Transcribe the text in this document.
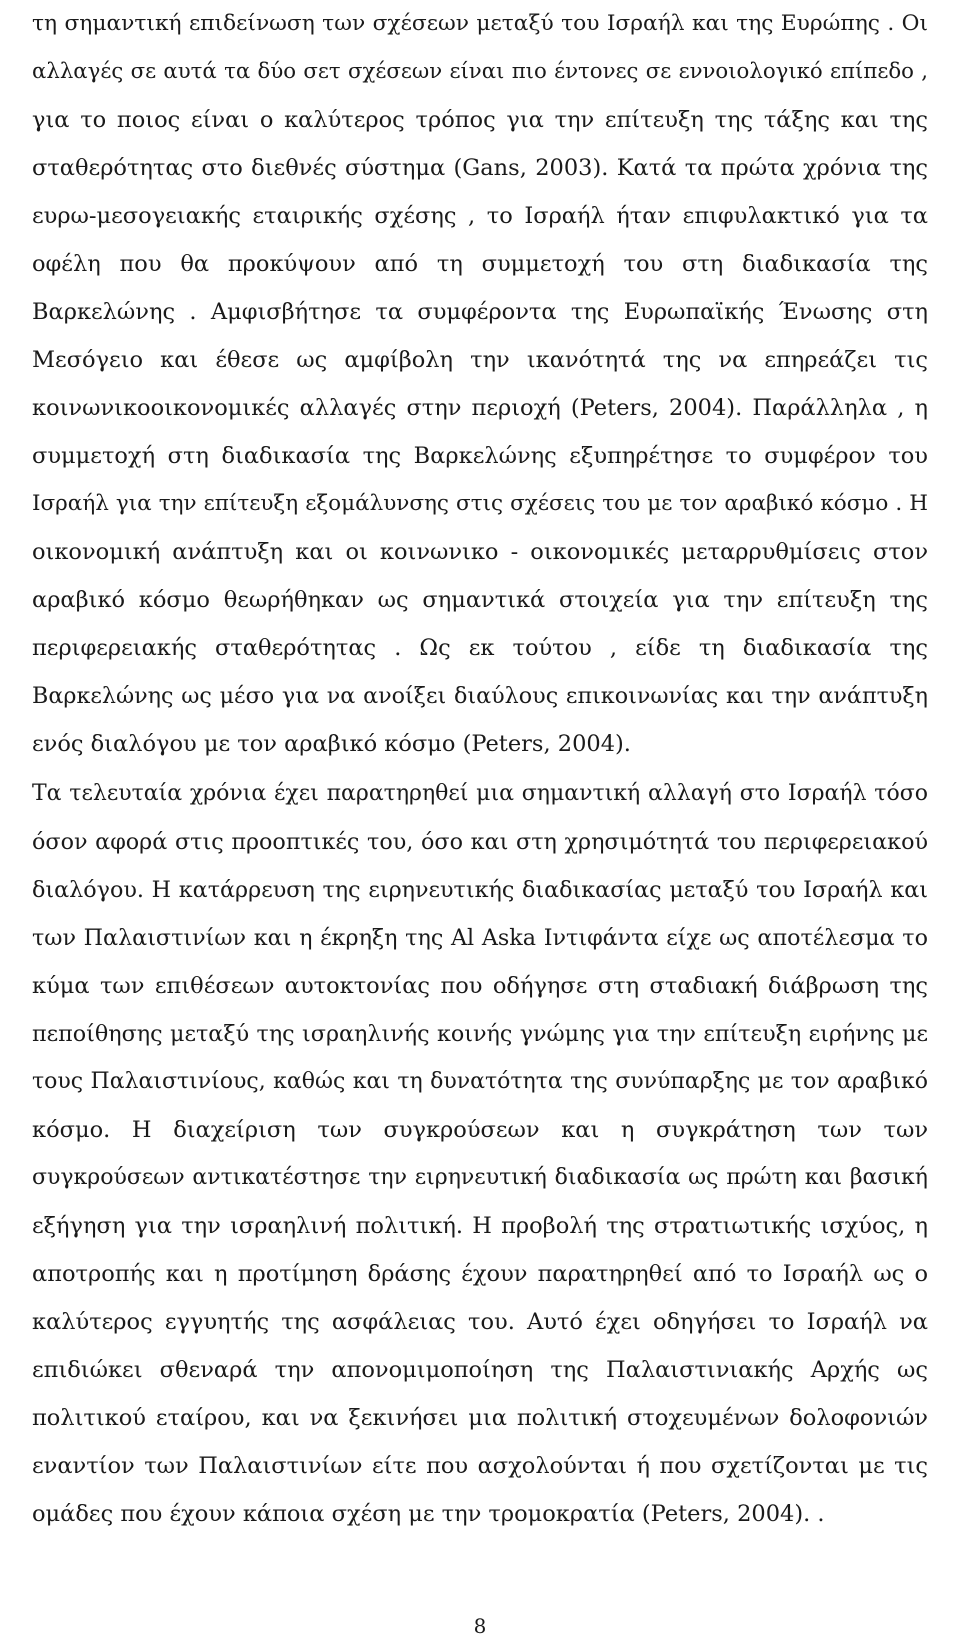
τη σημαντική επιδείνωση των σχέσεων μεταξύ του Ισραήλ και της Ευρώπης . Οι
αλλαγές σε αυτά τα δύο σετ σχέσεων είναι πιο έντονες σε εννοιολογικό επίπεδο ,
για το ποιος είναι ο καλύτερος τρόπος για την επίτευξη της τάξης και της
σταθερότητας στο διεθνές σύστημα (Gans, 2003). Κατά τα πρώτα χρόνια της
ευρω-μεσογειακής εταιρικής σχέσης , το Ισραήλ ήταν επιφυλακτικό για τα
οφέλη που θα προκύψουν από τη συμμετοχή του στη διαδικασία της
Βαρκελώνης . Αμφισβήτησε τα συμφέροντα της Ευρωπαϊκής Ένωσης στη
Μεσόγειο και έθεσε ως αμφίβολη την ικανότητά της να επηρεάζει τις
κοινωνικοοικονομικές αλλαγές στην περιοχή (Peters, 2004). Παράλληλα , η
συμμετοχή στη διαδικασία της Βαρκελώνης εξυπηρέτησε το συμφέρον του
Ισραήλ για την επίτευξη εξομάλυνσης στις σχέσεις του με τον αραβικό κόσμο . Η
οικονομική ανάπτυξη και οι κοινωνικο - οικονομικές μεταρρυθμίσεις στον
αραβικό κόσμο θεωρήθηκαν ως σημαντικά στοιχεία για την επίτευξη της
περιφερειακής σταθερότητας . Ως εκ τούτου , είδε τη διαδικασία της
Βαρκελώνης ως μέσο για να ανοίξει διαύλους επικοινωνίας και την ανάπτυξη
ενός διαλόγου με τον αραβικό κόσμο (Peters, 2004).
Τα τελευταία χρόνια έχει παρατηρηθεί μια σημαντική αλλαγή στο Ισραήλ τόσο
όσον αφορά στις προοπτικές του, όσο και στη χρησιμότητά του περιφερειακού
διαλόγου. Η κατάρρευση της ειρηνευτικής διαδικασίας μεταξύ του Ισραήλ και
των Παλαιστινίων και η έκρηξη της Al Aska Ιντιφάντα είχε ως αποτέλεσμα το
κύμα των επιθέσεων αυτοκτονίας που οδήγησε στη σταδιακή διάβρωση της
πεποίθησης μεταξύ της ισραηλινής κοινής γνώμης για την επίτευξη ειρήνης με
τους Παλαιστινίους, καθώς και τη δυνατότητα της συνύπαρξης με τον αραβικό
κόσμο. Η διαχείριση των συγκρούσεων και η συγκράτηση των των
συγκρούσεων αντικατέστησε την ειρηνευτική διαδικασία ως πρώτη και βασική
εξήγηση για την ισραηλινή πολιτική. Η προβολή της στρατιωτικής ισχύος, η
αποτροπής και η προτίμηση δράσης έχουν παρατηρηθεί από το Ισραήλ ως ο
καλύτερος εγγυητής της ασφάλειας του. Αυτό έχει οδηγήσει το Ισραήλ να
επιδιώκει σθεναρά την απονομιμοποίηση της Παλαιστινιακής Αρχής ως
πολιτικού εταίρου, και να ξεκινήσει μια πολιτική στοχευμένων δολοφονιών
εναντίον των Παλαιστινίων είτε που ασχολούνται ή που σχετίζονται με τις
ομάδες που έχουν κάποια σχέση με την τρομοκρατία (Peters, 2004). .
8
